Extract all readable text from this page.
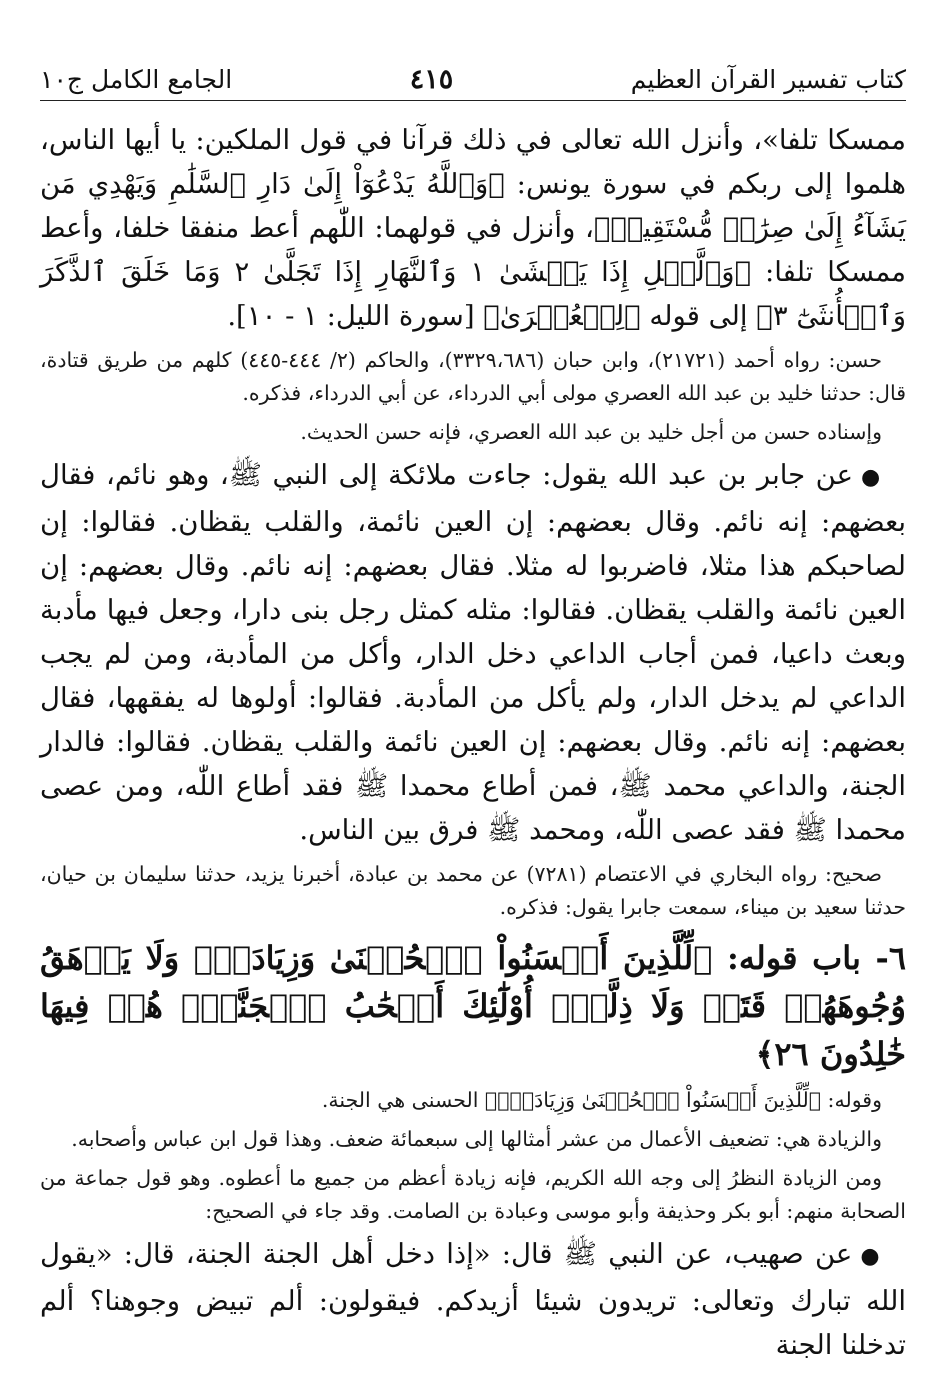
كتاب تفسير القرآن العظيم
٤١٥
الجامع الكامل ج١٠

ممسكا تلفا»، وأنزل الله تعالى في ذلك قرآنا في قول الملكين: يا أيها الناس، هلموا إلى ربكم في سورة يونس: ﴿وَٱللَّهُ يَدْعُوٓاْ إِلَىٰ دَارِ ٱلسَّلَٰمِ وَيَهْدِي مَن يَشَآءُ إِلَىٰ صِرَٰطٖ مُّسْتَقِيمٖ﴾، وأنزل في قولهما: اللّٰهم أعط منفقا خلفا، وأعط ممسكا تلفا: ﴿وَٱلَّيۡلِ إِذَا يَغۡشَىٰ ١ وَٱلنَّهَارِ إِذَا تَجَلَّىٰ ٢ وَمَا خَلَقَ ٱلذَّكَرَ وَٱلۡأُنثَىٰٓ ٣﴾ إلى قوله ﴿لِلۡعُسۡرَىٰ﴾ [سورة الليل: ١ - ١٠].

حسن: رواه أحمد (٢١٧٢١)، وابن حبان (٣٣٢٩،٦٨٦)، والحاكم (٢/ ٤٤٤-٤٤٥) كلهم من طريق قتادة، قال: حدثنا خليد بن عبد الله العصري مولى أبي الدرداء، عن أبي الدرداء، فذكره.

وإسناده حسن من أجل خليد بن عبد الله العصري، فإنه حسن الحديث.

●عن جابر بن عبد الله يقول: جاءت ملائكة إلى النبي ﷺ، وهو نائم، فقال بعضهم: إنه نائم. وقال بعضهم: إن العين نائمة، والقلب يقظان. فقالوا: إن لصاحبكم هذا مثلا، فاضربوا له مثلا. فقال بعضهم: إنه نائم. وقال بعضهم: إن العين نائمة والقلب يقظان. فقالوا: مثله كمثل رجل بنى دارا، وجعل فيها مأدبة وبعث داعيا، فمن أجاب الداعي دخل الدار، وأكل من المأدبة، ومن لم يجب الداعي لم يدخل الدار، ولم يأكل من المأدبة. فقالوا: أولوها له يفقهها، فقال بعضهم: إنه نائم. وقال بعضهم: إن العين نائمة والقلب يقظان. فقالوا: فالدار الجنة، والداعي محمد ﷺ، فمن أطاع محمدا ﷺ فقد أطاع اللّٰه، ومن عصى محمدا ﷺ فقد عصى اللّٰه، ومحمد ﷺ فرق بين الناس.

صحيح: رواه البخاري في الاعتصام (٧٢٨١) عن محمد بن عبادة، أخبرنا يزيد، حدثنا سليمان بن حيان، حدثنا سعيد بن ميناء، سمعت جابرا يقول: فذكره.

٦- باب قوله: ﴿لِّلَّذِينَ أَحۡسَنُواْ ٱلۡحُسۡنَىٰ وَزِيَادَةٞۖ وَلَا يَرۡهَقُ وُجُوهَهُمۡ قَتَرٞ وَلَا ذِلَّةٌۚ أُوْلَٰٓئِكَ أَصۡحَٰبُ ٱلۡجَنَّةِۖ هُمۡ فِيهَا خَٰلِدُونَ ٢٦﴾

وقوله: ﴿لِّلَّذِينَ أَحۡسَنُواْ ٱلۡحُسۡنَىٰ وَزِيَادَةٞۖ﴾ الحسنى هي الجنة.

والزيادة هي: تضعيف الأعمال من عشر أمثالها إلى سبعمائة ضعف. وهذا قول ابن عباس وأصحابه.

ومن الزيادة النظرُ إلى وجه الله الكريم، فإنه زيادة أعظم من جميع ما أعطوه. وهو قول جماعة من الصحابة منهم: أبو بكر وحذيفة وأبو موسى وعبادة بن الصامت. وقد جاء في الصحيح:

●عن صهيب، عن النبي ﷺ قال: «إذا دخل أهل الجنة الجنة، قال: «يقول الله تبارك وتعالى: تريدون شيئا أزيدكم. فيقولون: ألم تبيض وجوهنا؟ ألم تدخلنا الجنة
